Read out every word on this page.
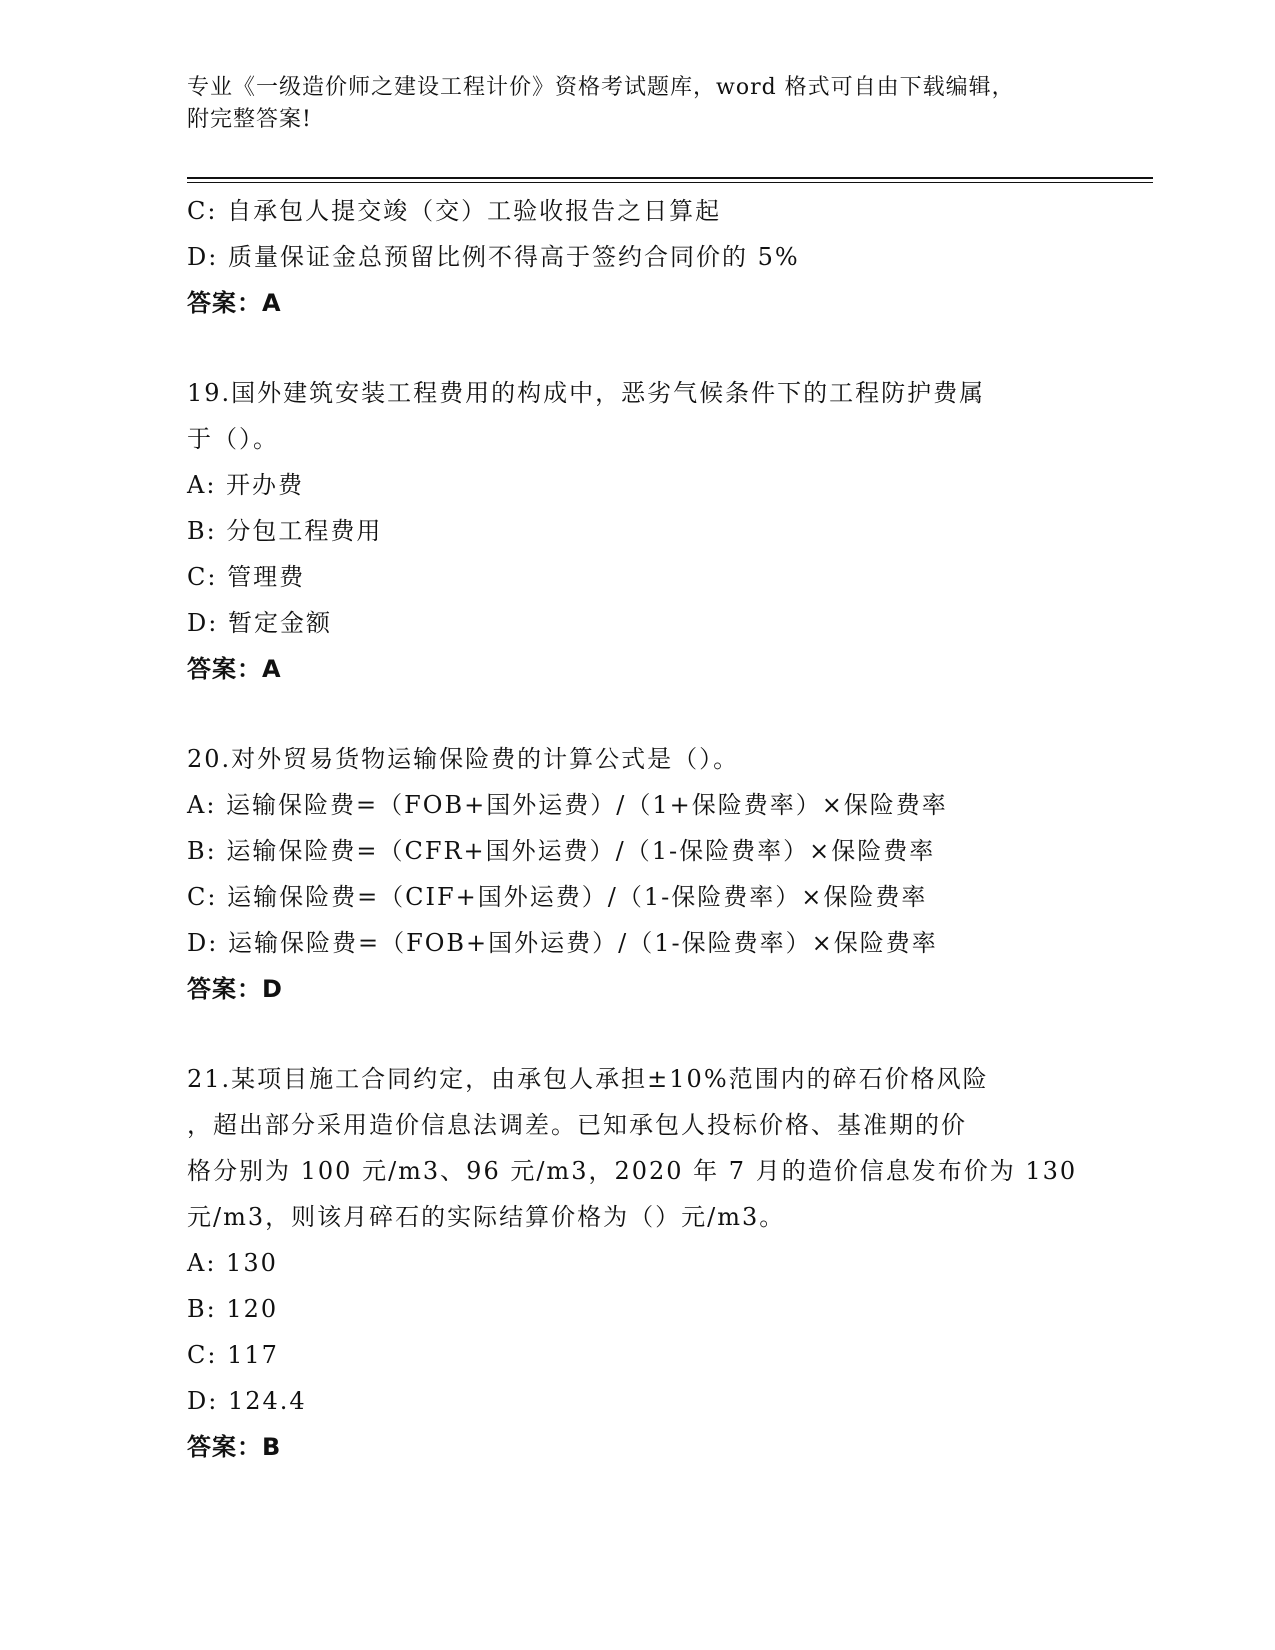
专业《一级造价师之建设工程计价》资格考试题库，word 格式可自由下载编辑，
附完整答案!
C: 自承包人提交竣（交）工验收报告之日算起
D: 质量保证金总预留比例不得高于签约合同价的 5%
答案：A
19.国外建筑安装工程费用的构成中，恶劣气候条件下的工程防护费属
于（）。
A: 开办费
B: 分包工程费用
C: 管理费
D: 暂定金额
答案：A
20.对外贸易货物运输保险费的计算公式是（）。
A: 运输保险费=（FOB+国外运费）/（1+保险费率）×保险费率
B: 运输保险费=（CFR+国外运费）/（1-保险费率）×保险费率
C: 运输保险费=（CIF+国外运费）/（1-保险费率）×保险费率
D: 运输保险费=（FOB+国外运费）/（1-保险费率）×保险费率
答案：D
21.某项目施工合同约定，由承包人承担±10%范围内的碎石价格风险
，超出部分采用造价信息法调差。已知承包人投标价格、基准期的价
格分别为 100 元/m3、96 元/m3，2020 年 7 月的造价信息发布价为 130
元/m3，则该月碎石的实际结算价格为（）元/m3。
A: 130
B: 120
C: 117
D: 124.4
答案：B
